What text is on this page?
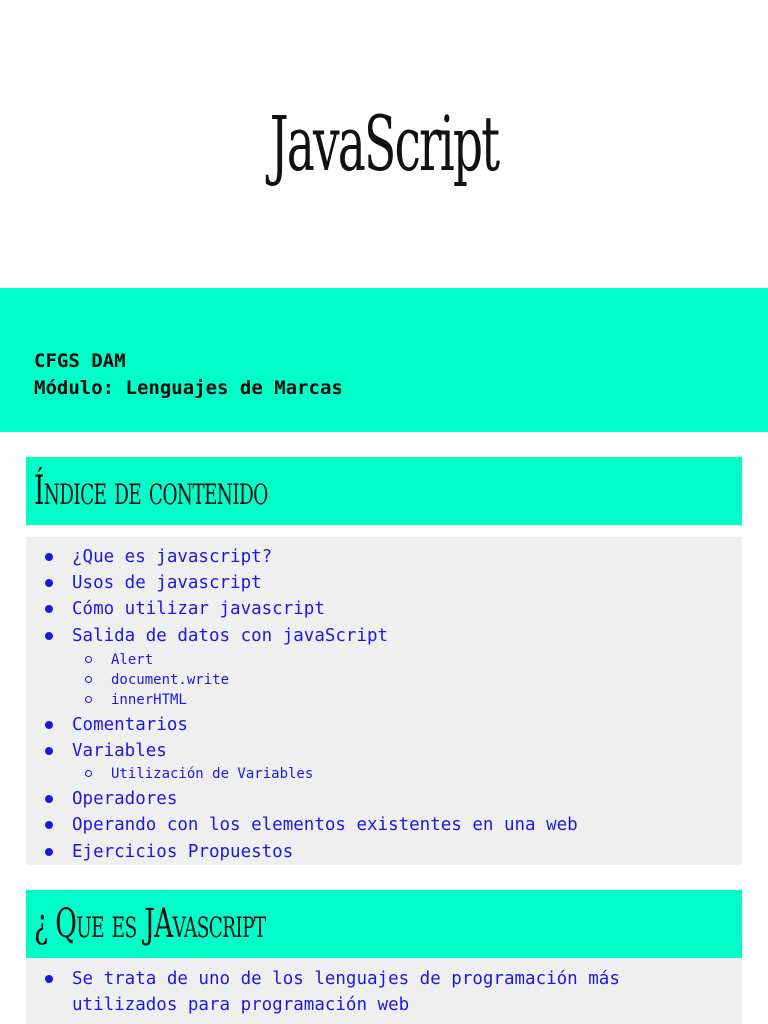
JavaScript
CFGS DAM
Módulo: Lenguajes de Marcas
Índice de contenido
¿Que es javascript?
Usos de javascript
Cómo utilizar javascript
Salida de datos con javaScript
Alert
document.write
innerHTML
Comentarios
Variables
Utilización de Variables
Operadores
Operando con los elementos existentes en una web
Ejercicios Propuestos
¿ Que es JAvascript
Se trata de uno de los lenguajes de programación más
utilizados para programación web
